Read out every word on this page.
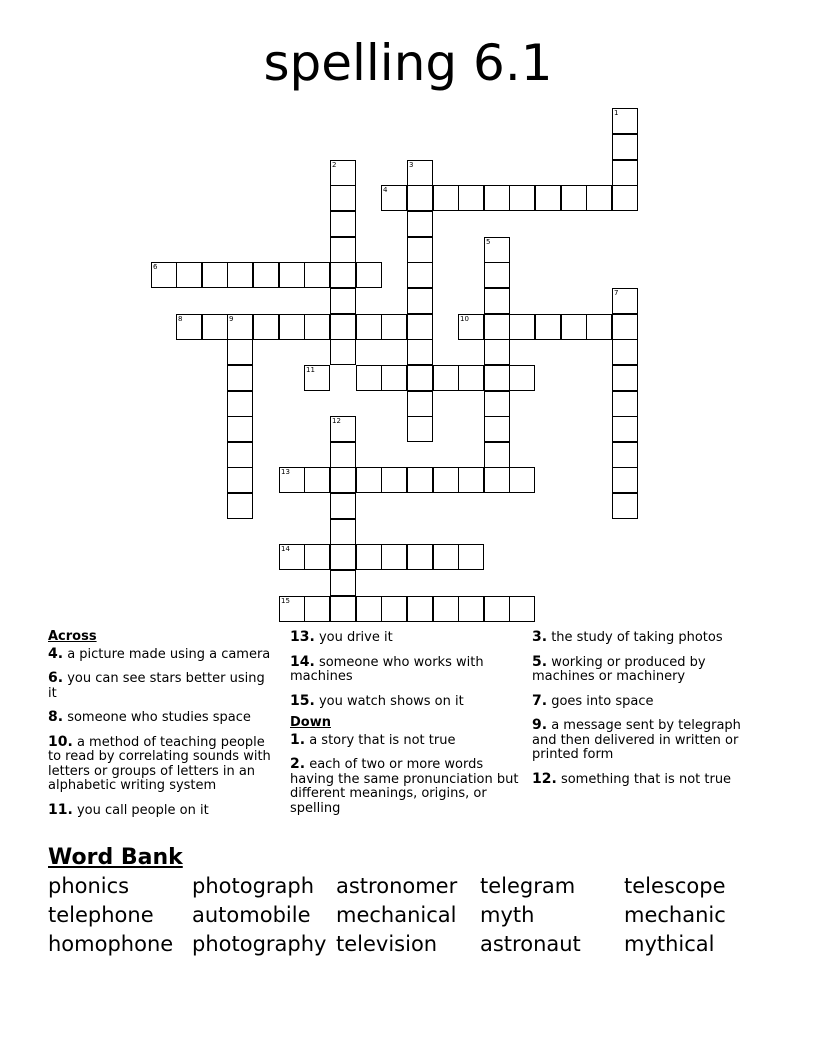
spelling 6.1
1
2	3
4
5
6
7
8	9	10
11
12
13
14
15
Across
4. a picture made using a camera
6. you can see stars better using it
8. someone who studies space
10. a method of teaching people to read by correlating sounds with letters or groups of letters in an alphabetic writing system
11. you call people on it
13. you drive it
14. someone who works with machines
15. you watch shows on it
Down
1. a story that is not true
2. each of two or more words having the same pronunciation but different meanings, origins, or spelling
3. the study of taking photos
5. working or produced by machines or machinery
7. goes into space
9. a message sent by telegraph and then delivered in written or printed form
12. something that is not true
Word Bank
phonics	photograph	astronomer	telegram	telescope
telephone	automobile	mechanical	myth	mechanic
homophone photography television	astronaut	mythical
